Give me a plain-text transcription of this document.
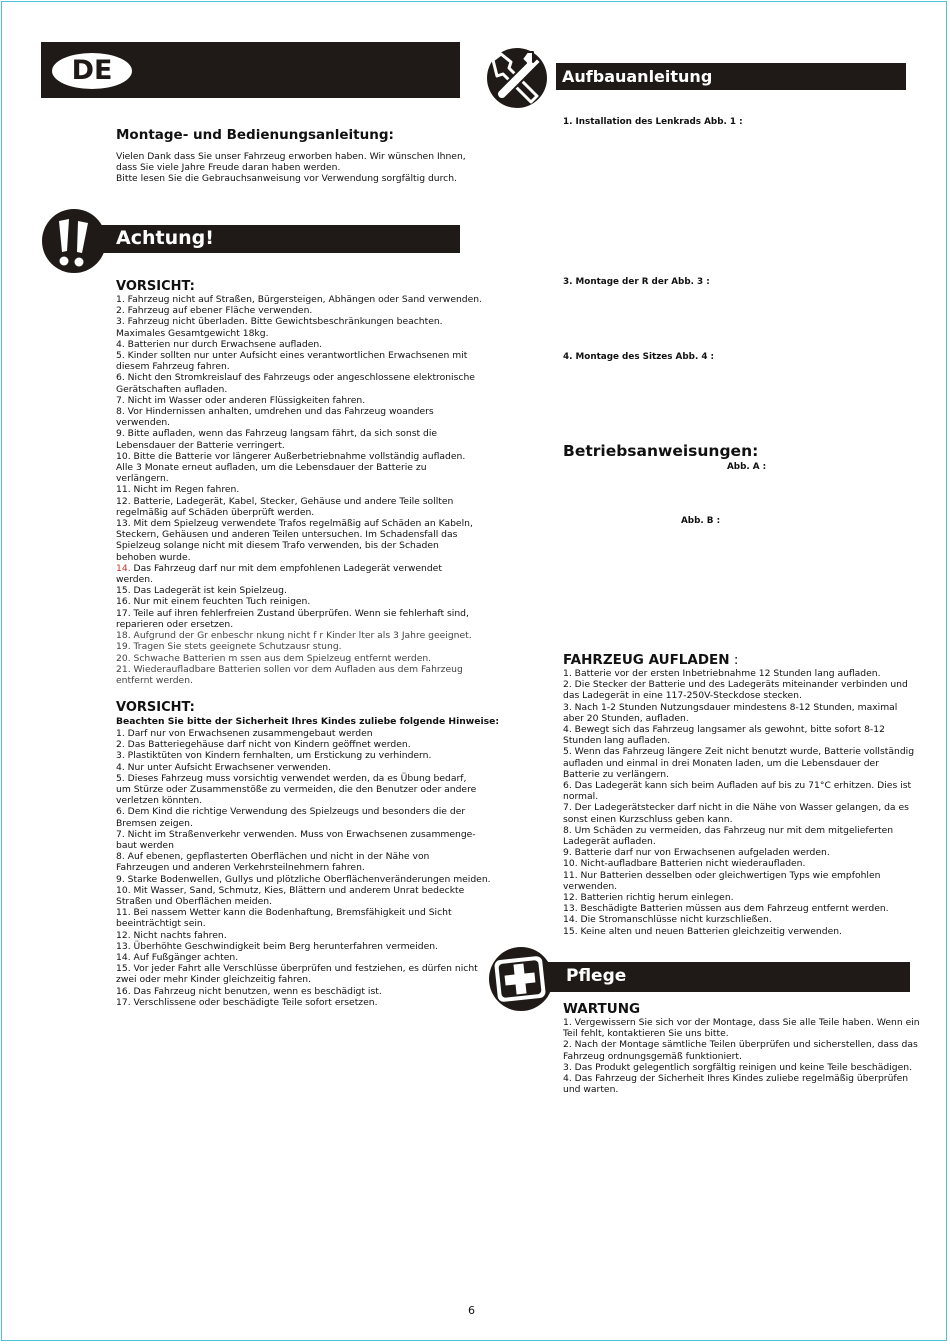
DE
Montage- und Bedienungsanleitung:
Vielen Dank dass Sie unser Fahrzeug erworben haben. Wir wünschen Ihnen,
dass Sie viele Jahre Freude daran haben werden.
Bitte lesen Sie die Gebrauchsanweisung vor Verwendung sorgfältig durch.
Achtung!
VORSICHT:
1. Fahrzeug nicht auf Straßen, Bürgersteigen, Abhängen oder Sand verwenden.
2. Fahrzeug auf ebener Fläche verwenden.
3. Fahrzeug nicht überladen. Bitte Gewichtsbeschränkungen beachten.
Maximales Gesamtgewicht 18kg.
4. Batterien nur durch Erwachsene aufladen.
5. Kinder sollten nur unter Aufsicht eines verantwortlichen Erwachsenen mit
diesem Fahrzeug fahren.
6. Nicht den Stromkreislauf des Fahrzeugs oder angeschlossene elektronische
Gerätschaften aufladen.
7. Nicht im Wasser oder anderen Flüssigkeiten fahren.
8. Vor Hindernissen anhalten, umdrehen und das Fahrzeug woanders
verwenden.
9. Bitte aufladen, wenn das Fahrzeug langsam fährt, da sich sonst die
Lebensdauer der Batterie verringert.
10. Bitte die Batterie vor längerer Außerbetriebnahme vollständig aufladen.
Alle 3 Monate erneut aufladen, um die Lebensdauer der Batterie zu
verlängern.
11. Nicht im Regen fahren.
12. Batterie, Ladegerät, Kabel, Stecker, Gehäuse und andere Teile sollten
regelmäßig auf Schäden überprüft werden.
13. Mit dem Spielzeug verwendete Trafos regelmäßig auf Schäden an Kabeln,
Steckern, Gehäusen und anderen Teilen untersuchen. Im Schadensfall das
Spielzeug solange nicht mit diesem Trafo verwenden, bis der Schaden
behoben wurde.
14. Das Fahrzeug darf nur mit dem empfohlenen Ladegerät verwendet
werden.
15. Das Ladegerät ist kein Spielzeug.
16. Nur mit einem feuchten Tuch reinigen.
17. Teile auf ihren fehlerfreien Zustand überprüfen. Wenn sie fehlerhaft sind,
reparieren oder ersetzen.
18. Aufgrund der Gr enbeschr nkung nicht f r Kinder lter als 3 Jahre geeignet.
19. Tragen Sie stets geeignete Schutzausr stung.
20. Schwache Batterien m ssen aus dem Spielzeug entfernt werden.
21. Wiederaufladbare Batterien sollen vor dem Aufladen aus dem Fahrzeug
entfernt werden.
VORSICHT:
Beachten Sie bitte der Sicherheit Ihres Kindes zuliebe folgende Hinweise:
1. Darf nur von Erwachsenen zusammengebaut werden
2. Das Batteriegehäuse darf nicht von Kindern geöffnet werden.
3. Plastiktüten von Kindern fernhalten, um Erstickung zu verhindern.
4. Nur unter Aufsicht Erwachsener verwenden.
5. Dieses Fahrzeug muss vorsichtig verwendet werden, da es Übung bedarf,
um Stürze oder Zusammenstöße zu vermeiden, die den Benutzer oder andere
verletzen könnten.
6. Dem Kind die richtige Verwendung des Spielzeugs und besonders die der
Bremsen zeigen.
7. Nicht im Straßenverkehr verwenden. Muss von Erwachsenen zusammenge-
baut werden
8. Auf ebenen, gepflasterten Oberflächen und nicht in der Nähe von
Fahrzeugen und anderen Verkehrsteilnehmern fahren.
9. Starke Bodenwellen, Gullys und plötzliche Oberflächenveränderungen meiden.
10. Mit Wasser, Sand, Schmutz, Kies, Blättern und anderem Unrat bedeckte
Straßen und Oberflächen meiden.
11. Bei nassem Wetter kann die Bodenhaftung, Bremsfähigkeit und Sicht
beeinträchtigt sein.
12. Nicht nachts fahren.
13. Überhöhte Geschwindigkeit beim Berg herunterfahren vermeiden.
14. Auf Fußgänger achten.
15. Vor jeder Fahrt alle Verschlüsse überprüfen und festziehen, es dürfen nicht
zwei oder mehr Kinder gleichzeitig fahren.
16. Das Fahrzeug nicht benutzen, wenn es beschädigt ist.
17. Verschlissene oder beschädigte Teile sofort ersetzen.
Aufbauanleitung
1. Installation des Lenkrads Abb. 1 :
3. Montage der R der Abb. 3 :
4. Montage des Sitzes Abb. 4 :
Betriebsanweisungen:
Abb. A :
Abb. B :
FAHRZEUG AUFLADEN :
1. Batterie vor der ersten Inbetriebnahme 12 Stunden lang aufladen.
2. Die Stecker der Batterie und des Ladegeräts miteinander verbinden und
das Ladegerät in eine 117-250V-Steckdose stecken.
3. Nach 1-2 Stunden Nutzungsdauer mindestens 8-12 Stunden, maximal
aber 20 Stunden, aufladen.
4. Bewegt sich das Fahrzeug langsamer als gewohnt, bitte sofort 8-12
Stunden lang aufladen.
5. Wenn das Fahrzeug längere Zeit nicht benutzt wurde, Batterie vollständig
aufladen und einmal in drei Monaten laden, um die Lebensdauer der
Batterie zu verlängern.
6. Das Ladegerät kann sich beim Aufladen auf bis zu 71°C erhitzen. Dies ist
normal.
7. Der Ladegerätstecker darf nicht in die Nähe von Wasser gelangen, da es
sonst einen Kurzschluss geben kann.
8. Um Schäden zu vermeiden, das Fahrzeug nur mit dem mitgelieferten
Ladegerät aufladen.
9. Batterie darf nur von Erwachsenen aufgeladen werden.
10. Nicht-aufladbare Batterien nicht wiederaufladen.
11. Nur Batterien desselben oder gleichwertigen Typs wie empfohlen
verwenden.
12. Batterien richtig herum einlegen.
13. Beschädigte Batterien müssen aus dem Fahrzeug entfernt werden.
14. Die Stromanschlüsse nicht kurzschließen.
15. Keine alten und neuen Batterien gleichzeitig verwenden.
Pflege
WARTUNG
1. Vergewissern Sie sich vor der Montage, dass Sie alle Teile haben. Wenn ein
Teil fehlt, kontaktieren Sie uns bitte.
2. Nach der Montage sämtliche Teilen überprüfen und sicherstellen, dass das
Fahrzeug ordnungsgemäß funktioniert.
3. Das Produkt gelegentlich sorgfältig reinigen und keine Teile beschädigen.
4. Das Fahrzeug der Sicherheit Ihres Kindes zuliebe regelmäßig überprüfen
und warten.
6
